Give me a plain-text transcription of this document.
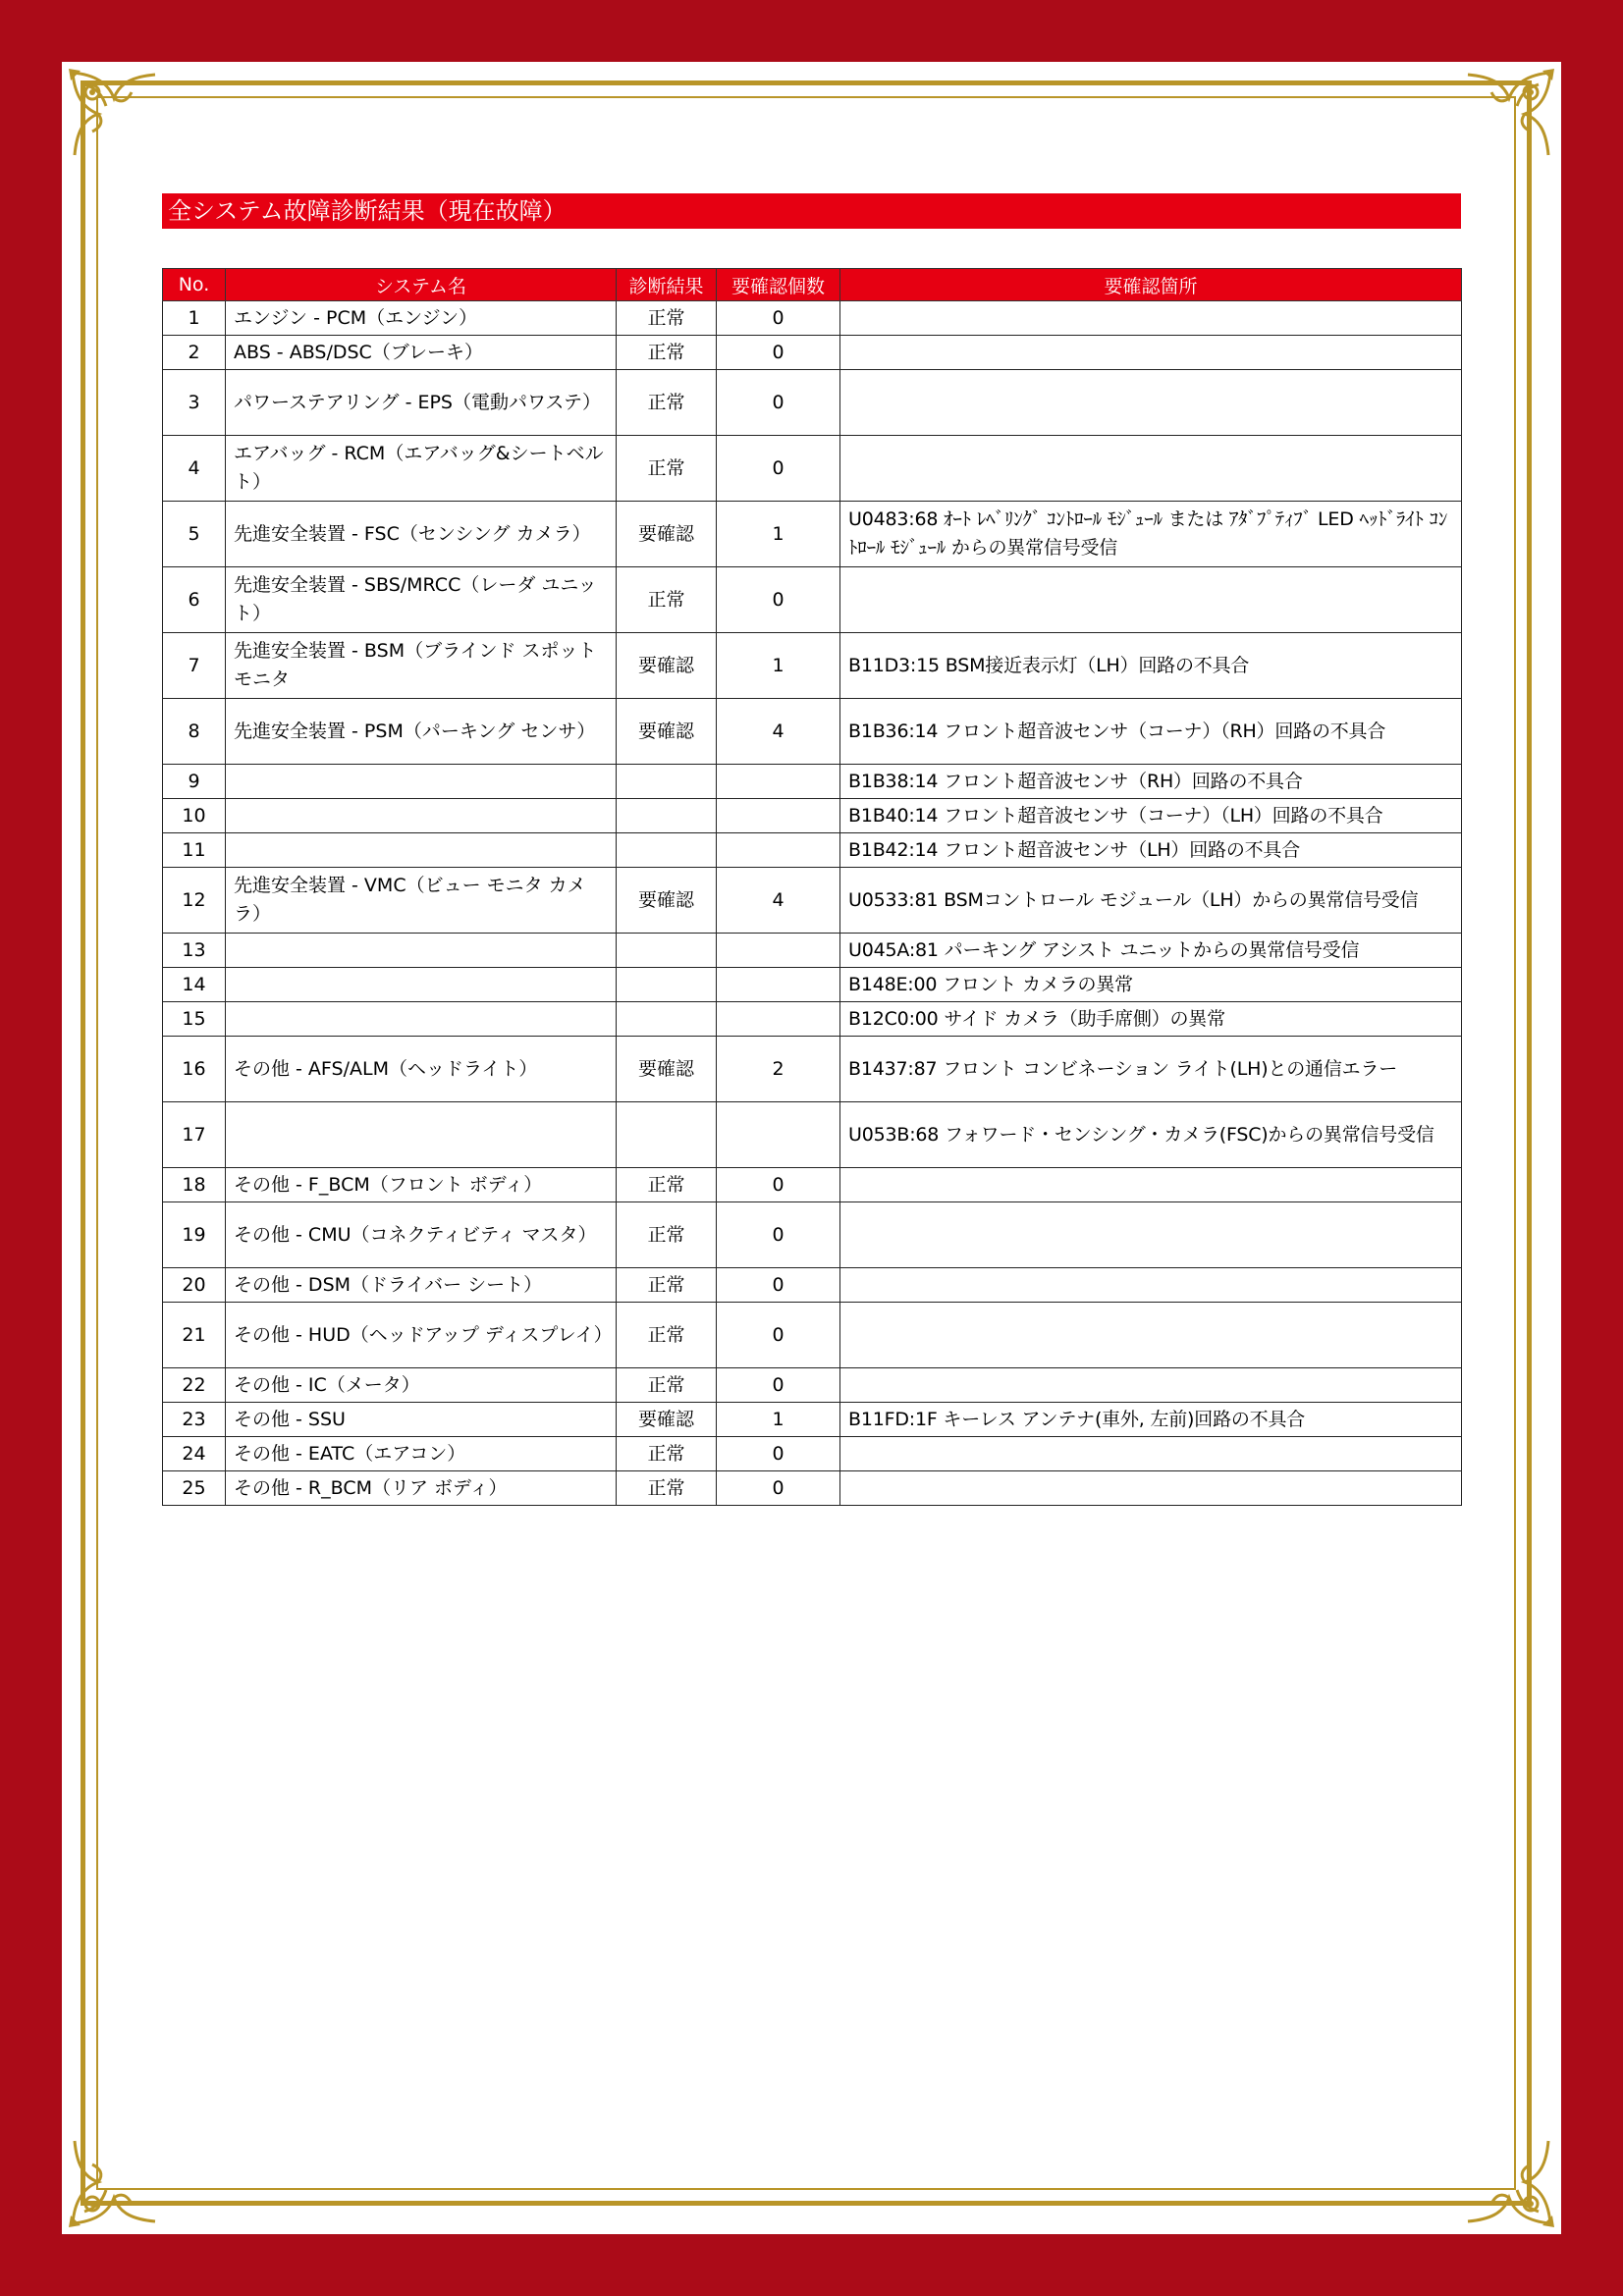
全システム故障診断結果（現在故障）
No.	システム名	診断結果	要確認個数	要確認箇所
1	エンジン - PCM（エンジン）	正常	0	
2	ABS - ABS/DSC（ブレーキ）	正常	0	
3	パワーステアリング - EPS（電動パワステ）	正常	0	
4	エアバッグ - RCM（エアバッグ&シートベルト）	正常	0	
5	先進安全装置 - FSC（センシング カメラ）	要確認	1	U0483:68 ｵｰﾄ ﾚﾍﾞﾘﾝｸﾞ ｺﾝﾄﾛｰﾙ ﾓｼﾞｭｰﾙ または ｱﾀﾞﾌﾟﾃｨﾌﾞ LED ﾍｯﾄﾞﾗｲﾄ ｺﾝﾄﾛｰﾙ ﾓｼﾞｭｰﾙ からの異常信号受信
6	先進安全装置 - SBS/MRCC（レーダ ユニット）	正常	0	
7	先進安全装置 - BSM（ブラインド スポット モニタ	要確認	1	B11D3:15 BSM接近表示灯（LH）回路の不具合
8	先進安全装置 - PSM（パーキング センサ）	要確認	4	B1B36:14 フロント超音波センサ（コーナ）（RH）回路の不具合
9				B1B38:14 フロント超音波センサ（RH）回路の不具合
10				B1B40:14 フロント超音波センサ（コーナ）（LH）回路の不具合
11				B1B42:14 フロント超音波センサ（LH）回路の不具合
12	先進安全装置 - VMC（ビュー モニタ カメラ）	要確認	4	U0533:81 BSMコントロール モジュール（LH）からの異常信号受信
13				U045A:81 パーキング アシスト ユニットからの異常信号受信
14				B148E:00 フロント カメラの異常
15				B12C0:00 サイド カメラ（助手席側）の異常
16	その他 - AFS/ALM（ヘッドライト）	要確認	2	B1437:87 フロント コンビネーション ライト(LH)との通信エラー
17				U053B:68 フォワード・センシング・カメラ(FSC)からの異常信号受信
18	その他 - F_BCM（フロント ボディ）	正常	0	
19	その他 - CMU（コネクティビティ マスタ）	正常	0	
20	その他 - DSM（ドライバー シート）	正常	0	
21	その他 - HUD（ヘッドアップ ディスプレイ）	正常	0	
22	その他 - IC（メータ）	正常	0	
23	その他 - SSU	要確認	1	B11FD:1F キーレス アンテナ(車外, 左前)回路の不具合
24	その他 - EATC（エアコン）	正常	0	
25	その他 - R_BCM（リア ボディ）	正常	0	
